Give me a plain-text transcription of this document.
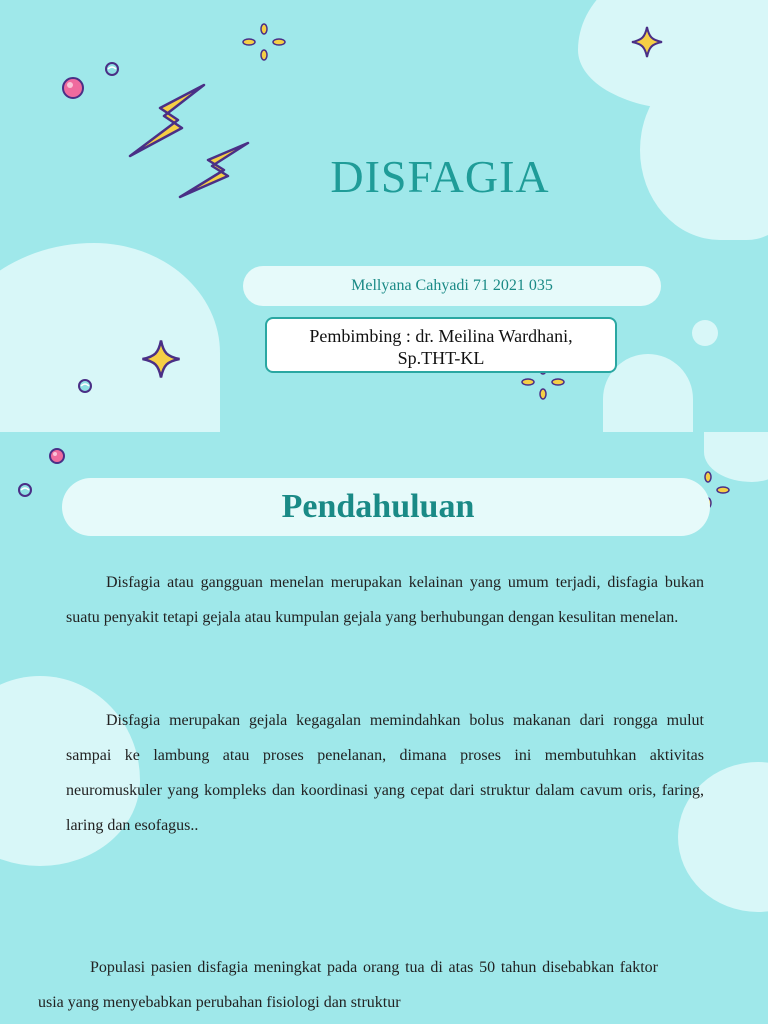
DISFAGIA
Mellyana Cahyadi 71 2021 035
Pembimbing : dr. Meilina Wardhani,
Sp.THT-KL
Pendahuluan
Disfagia atau gangguan menelan merupakan kelainan yang umum terjadi, disfagia bukan suatu penyakit tetapi gejala atau kumpulan gejala yang berhubungan dengan kesulitan menelan.
Disfagia merupakan gejala kegagalan memindahkan bolus makanan dari rongga mulut sampai ke lambung atau proses penelanan, dimana proses ini membutuhkan aktivitas neuromuskuler yang kompleks dan koordinasi yang cepat dari struktur dalam cavum oris, faring, laring dan esofagus..
Populasi pasien disfagia meningkat pada orang tua di atas 50 tahun disebabkan faktor usia yang menyebabkan perubahan fisiologi dan struktur
